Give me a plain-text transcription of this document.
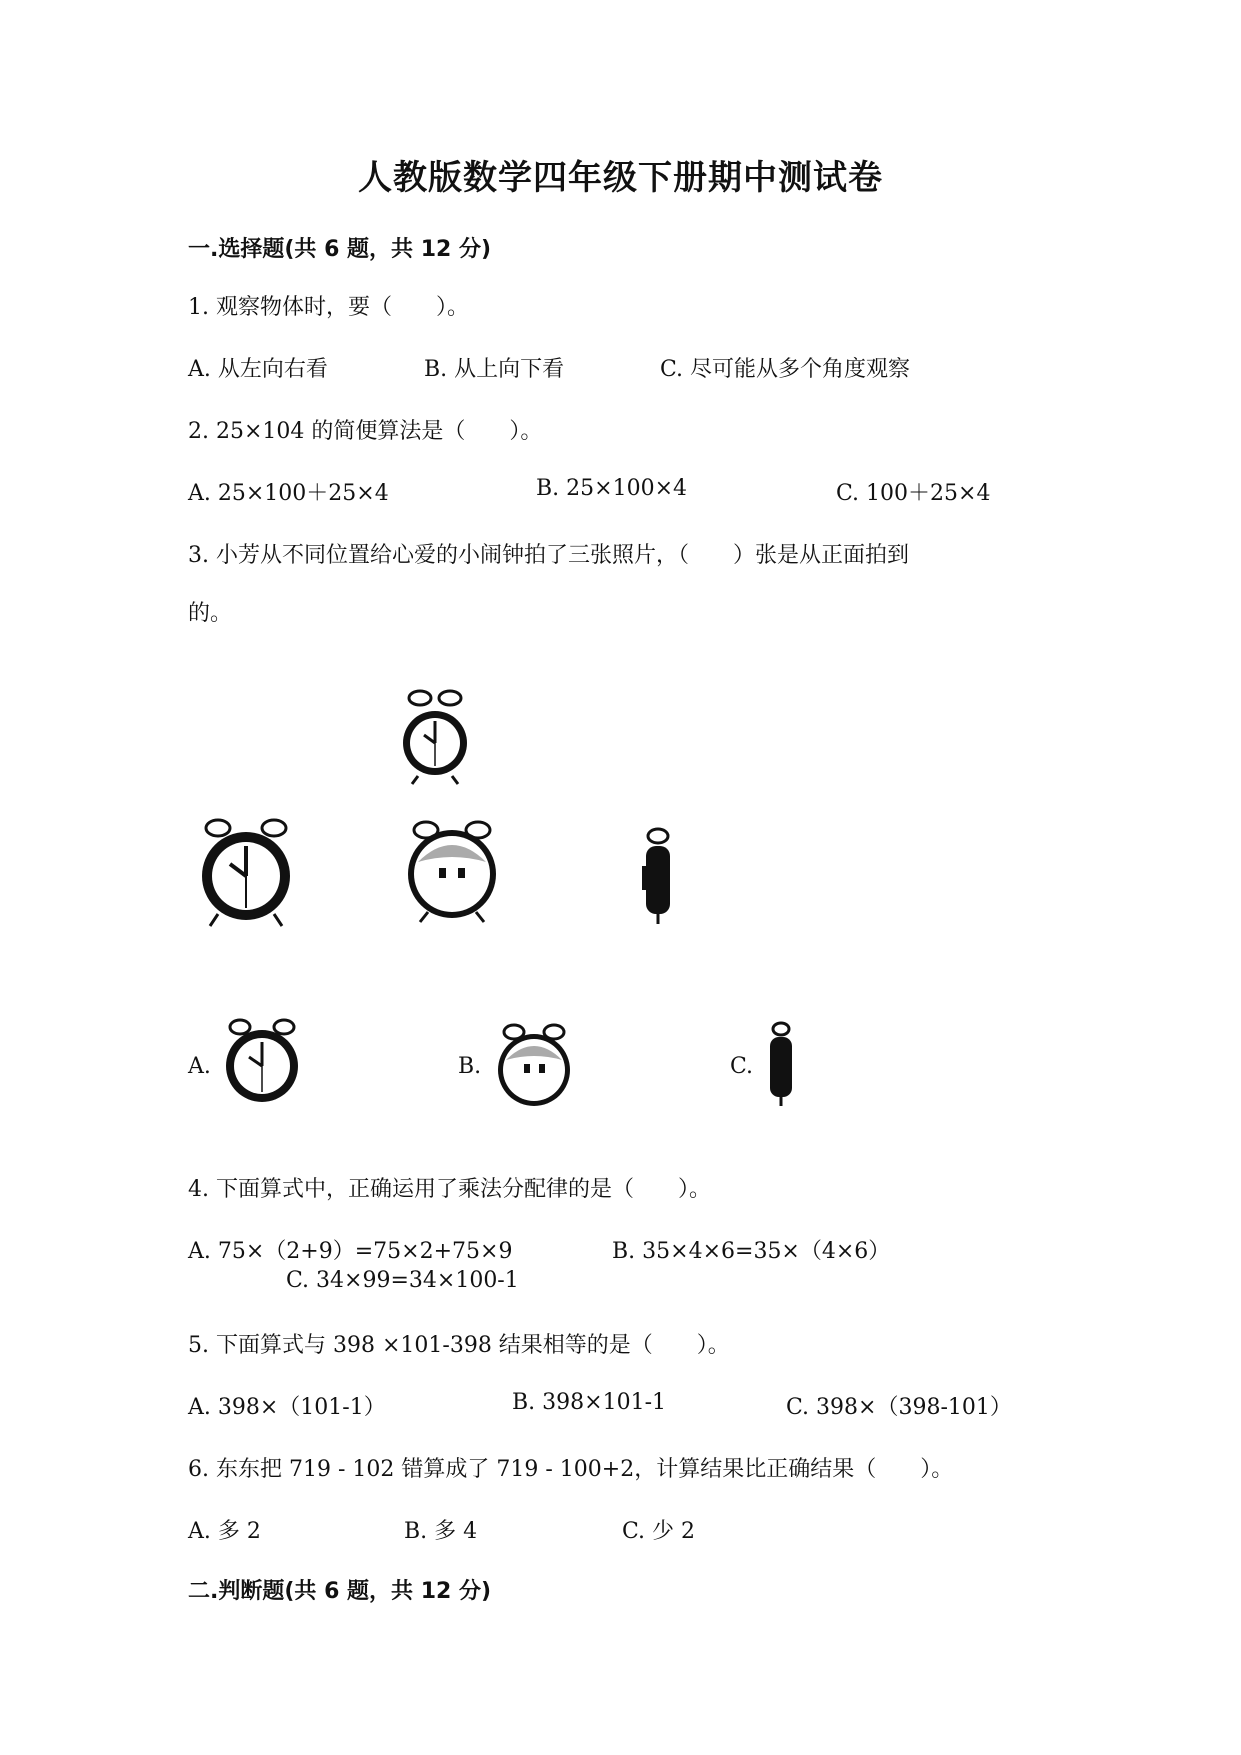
人教版数学四年级下册期中测试卷
一.选择题(共 6 题，共 12 分)
1. 观察物体时，要（　　）。
A. 从左向右看	B. 从上向下看	C. 尽可能从多个角度观察
2. 25×104 的简便算法是（　　）。
A. 25×100＋25×4	B. 25×100×4	C. 100＋25×4
3. 小芳从不同位置给心爱的小闹钟拍了三张照片，（　　）张是从正面拍到
的。
A.	B.	C.
4. 下面算式中，正确运用了乘法分配律的是（　　）。
A. 75×（2+9）=75×2+75×9	B. 35×4×6=35×（4×6）
C. 34×99=34×100-1
5. 下面算式与 398 ×101-398 结果相等的是（　　）。
A. 398×（101-1）	B. 398×101-1	C. 398×（398-101）
6. 东东把 719 - 102 错算成了 719 - 100+2，计算结果比正确结果（　　）。
A. 多 2	B. 多 4	C. 少 2
二.判断题(共 6 题，共 12 分)
